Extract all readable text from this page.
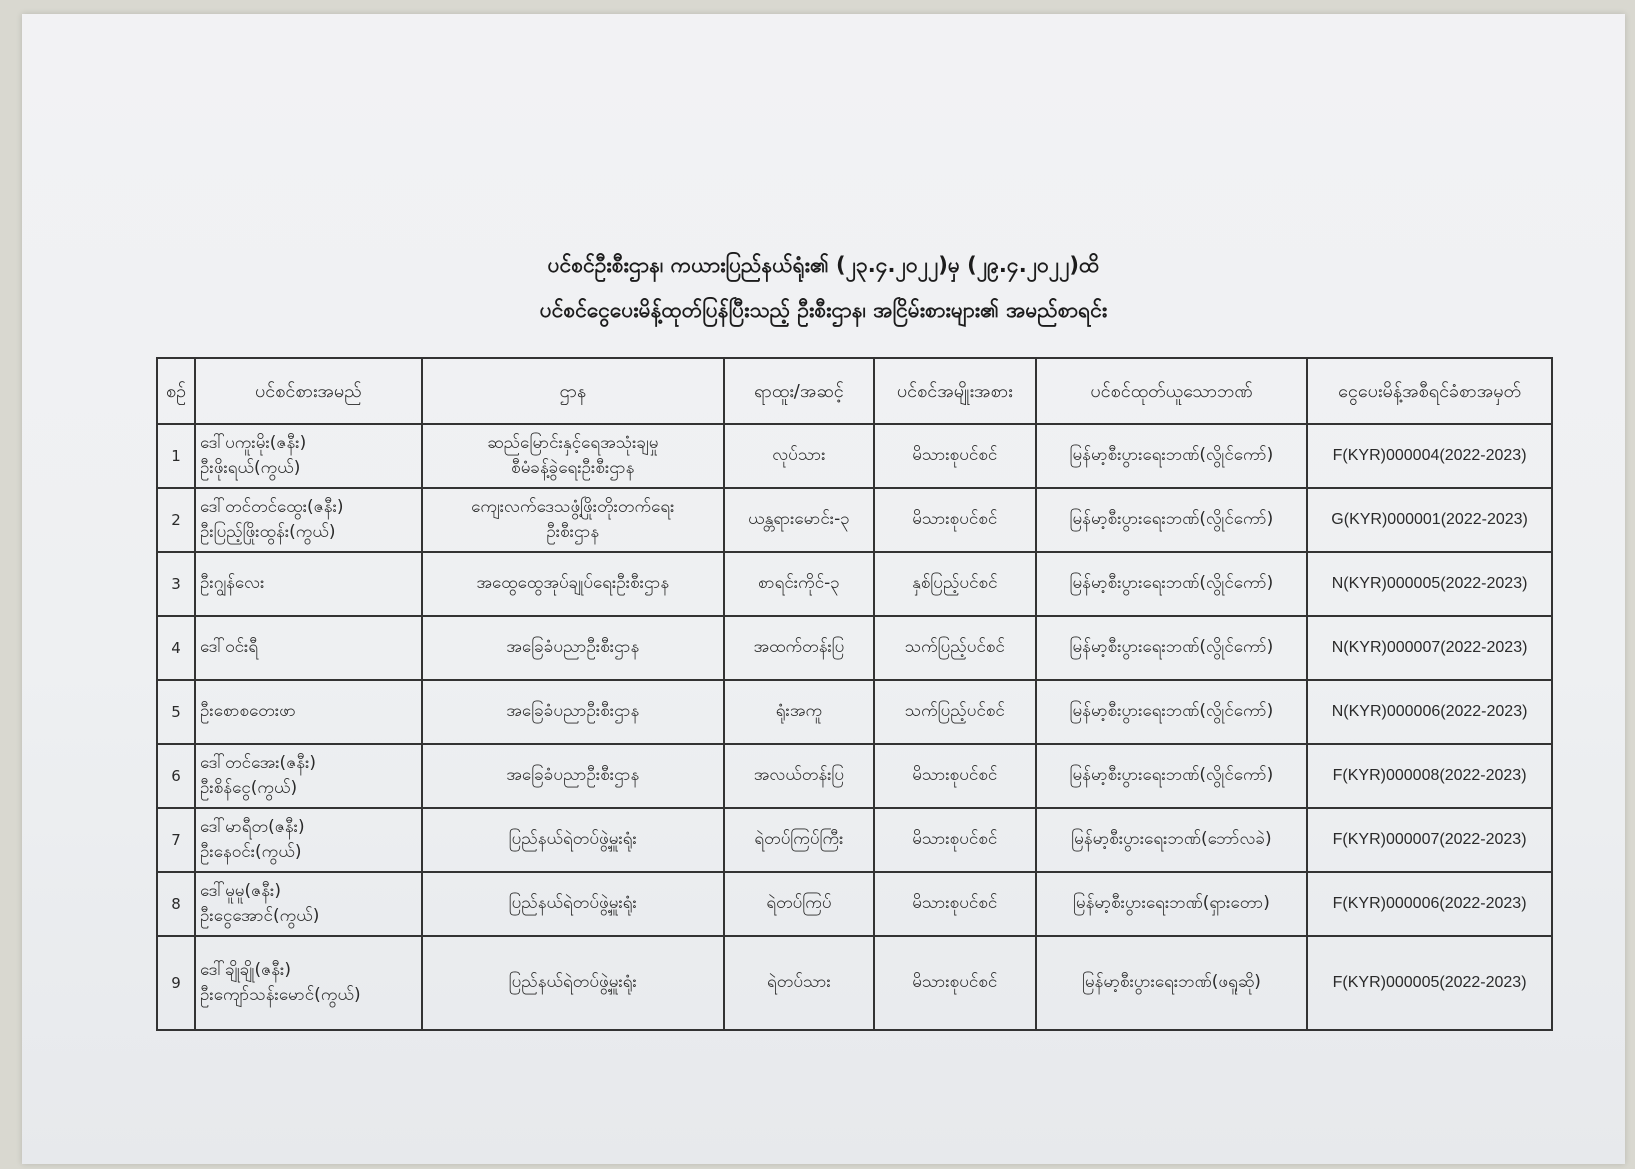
ပင်စင်ဦးစီးဌာန၊ ကယားပြည်နယ်ရုံး၏ (၂၃.၄.၂၀၂၂)မှ (၂၉.၄.၂၀၂၂)ထိ
ပင်စင်ငွေပေးမိန့်ထုတ်ပြန်ပြီးသည့် ဦးစီးဌာန၊ အငြိမ်းစားများ၏ အမည်စာရင်း
စဉ်	ပင်စင်စားအမည်	ဌာန	ရာထူး/အဆင့်	ပင်စင်အမျိုးအစား	ပင်စင်ထုတ်ယူသောဘဏ်	ငွေပေးမိန့်အစီရင်ခံစာအမှတ်
1	ဒေါ်ပကူးမိုး(ဇနီး)
ဦးဖိုးရယ်(ကွယ်)	ဆည်မြောင်းနှင့်ရေအသုံးချမှု
စီမံခန့်ခွဲရေးဦးစီးဌာန	လုပ်သား	မိသားစုပင်စင်	မြန်မာ့စီးပွားရေးဘဏ်(လွိုင်ကော်)	F(KYR)000004(2022-2023)
2	ဒေါ်တင်တင်ထွေး(ဇနီး)
ဦးပြည့်ဖြိုးထွန်း(ကွယ်)	ကျေးလက်ဒေသဖွံ့ဖြိုးတိုးတက်ရေး
ဦးစီးဌာန	ယန္တရားမောင်း-၃	မိသားစုပင်စင်	မြန်မာ့စီးပွားရေးဘဏ်(လွိုင်ကော်)	G(KYR)000001(2022-2023)
3	ဦးဂျွန်လေး	အထွေထွေအုပ်ချုပ်ရေးဦးစီးဌာန	စာရင်းကိုင်-၃	နှစ်ပြည့်ပင်စင်	မြန်မာ့စီးပွားရေးဘဏ်(လွိုင်ကော်)	N(KYR)000005(2022-2023)
4	ဒေါ်ဝင်းရီ	အခြေခံပညာဦးစီးဌာန	အထက်တန်းပြ	သက်ပြည့်ပင်စင်	မြန်မာ့စီးပွားရေးဘဏ်(လွိုင်ကော်)	N(KYR)000007(2022-2023)
5	ဦးစောစတေးဖာ	အခြေခံပညာဦးစီးဌာန	ရုံးအကူ	သက်ပြည့်ပင်စင်	မြန်မာ့စီးပွားရေးဘဏ်(လွိုင်ကော်)	N(KYR)000006(2022-2023)
6	ဒေါ်တင်အေး(ဇနီး)
ဦးစိန်ငွေ(ကွယ်)	အခြေခံပညာဦးစီးဌာန	အလယ်တန်းပြ	မိသားစုပင်စင်	မြန်မာ့စီးပွားရေးဘဏ်(လွိုင်ကော်)	F(KYR)000008(2022-2023)
7	ဒေါ်မာရီတ(ဇနီး)
ဦးနေဝင်း(ကွယ်)	ပြည်နယ်ရဲတပ်ဖွဲ့မှူးရုံး	ရဲတပ်ကြပ်ကြီး	မိသားစုပင်စင်	မြန်မာ့စီးပွားရေးဘဏ်(ဘော်လခဲ)	F(KYR)000007(2022-2023)
8	ဒေါ်မူမူ(ဇနီး)
ဦးငွေအောင်(ကွယ်)	ပြည်နယ်ရဲတပ်ဖွဲ့မှူးရုံး	ရဲတပ်ကြပ်	မိသားစုပင်စင်	မြန်မာ့စီးပွားရေးဘဏ်(ရှားတော)	F(KYR)000006(2022-2023)
9	ဒေါ်ချိုချို(ဇနီး)
ဦးကျော်သန်းမောင်(ကွယ်)	ပြည်နယ်ရဲတပ်ဖွဲ့မှူးရုံး	ရဲတပ်သား	မိသားစုပင်စင်	မြန်မာ့စီးပွားရေးဘဏ်(ဖရူဆို)	F(KYR)000005(2022-2023)
